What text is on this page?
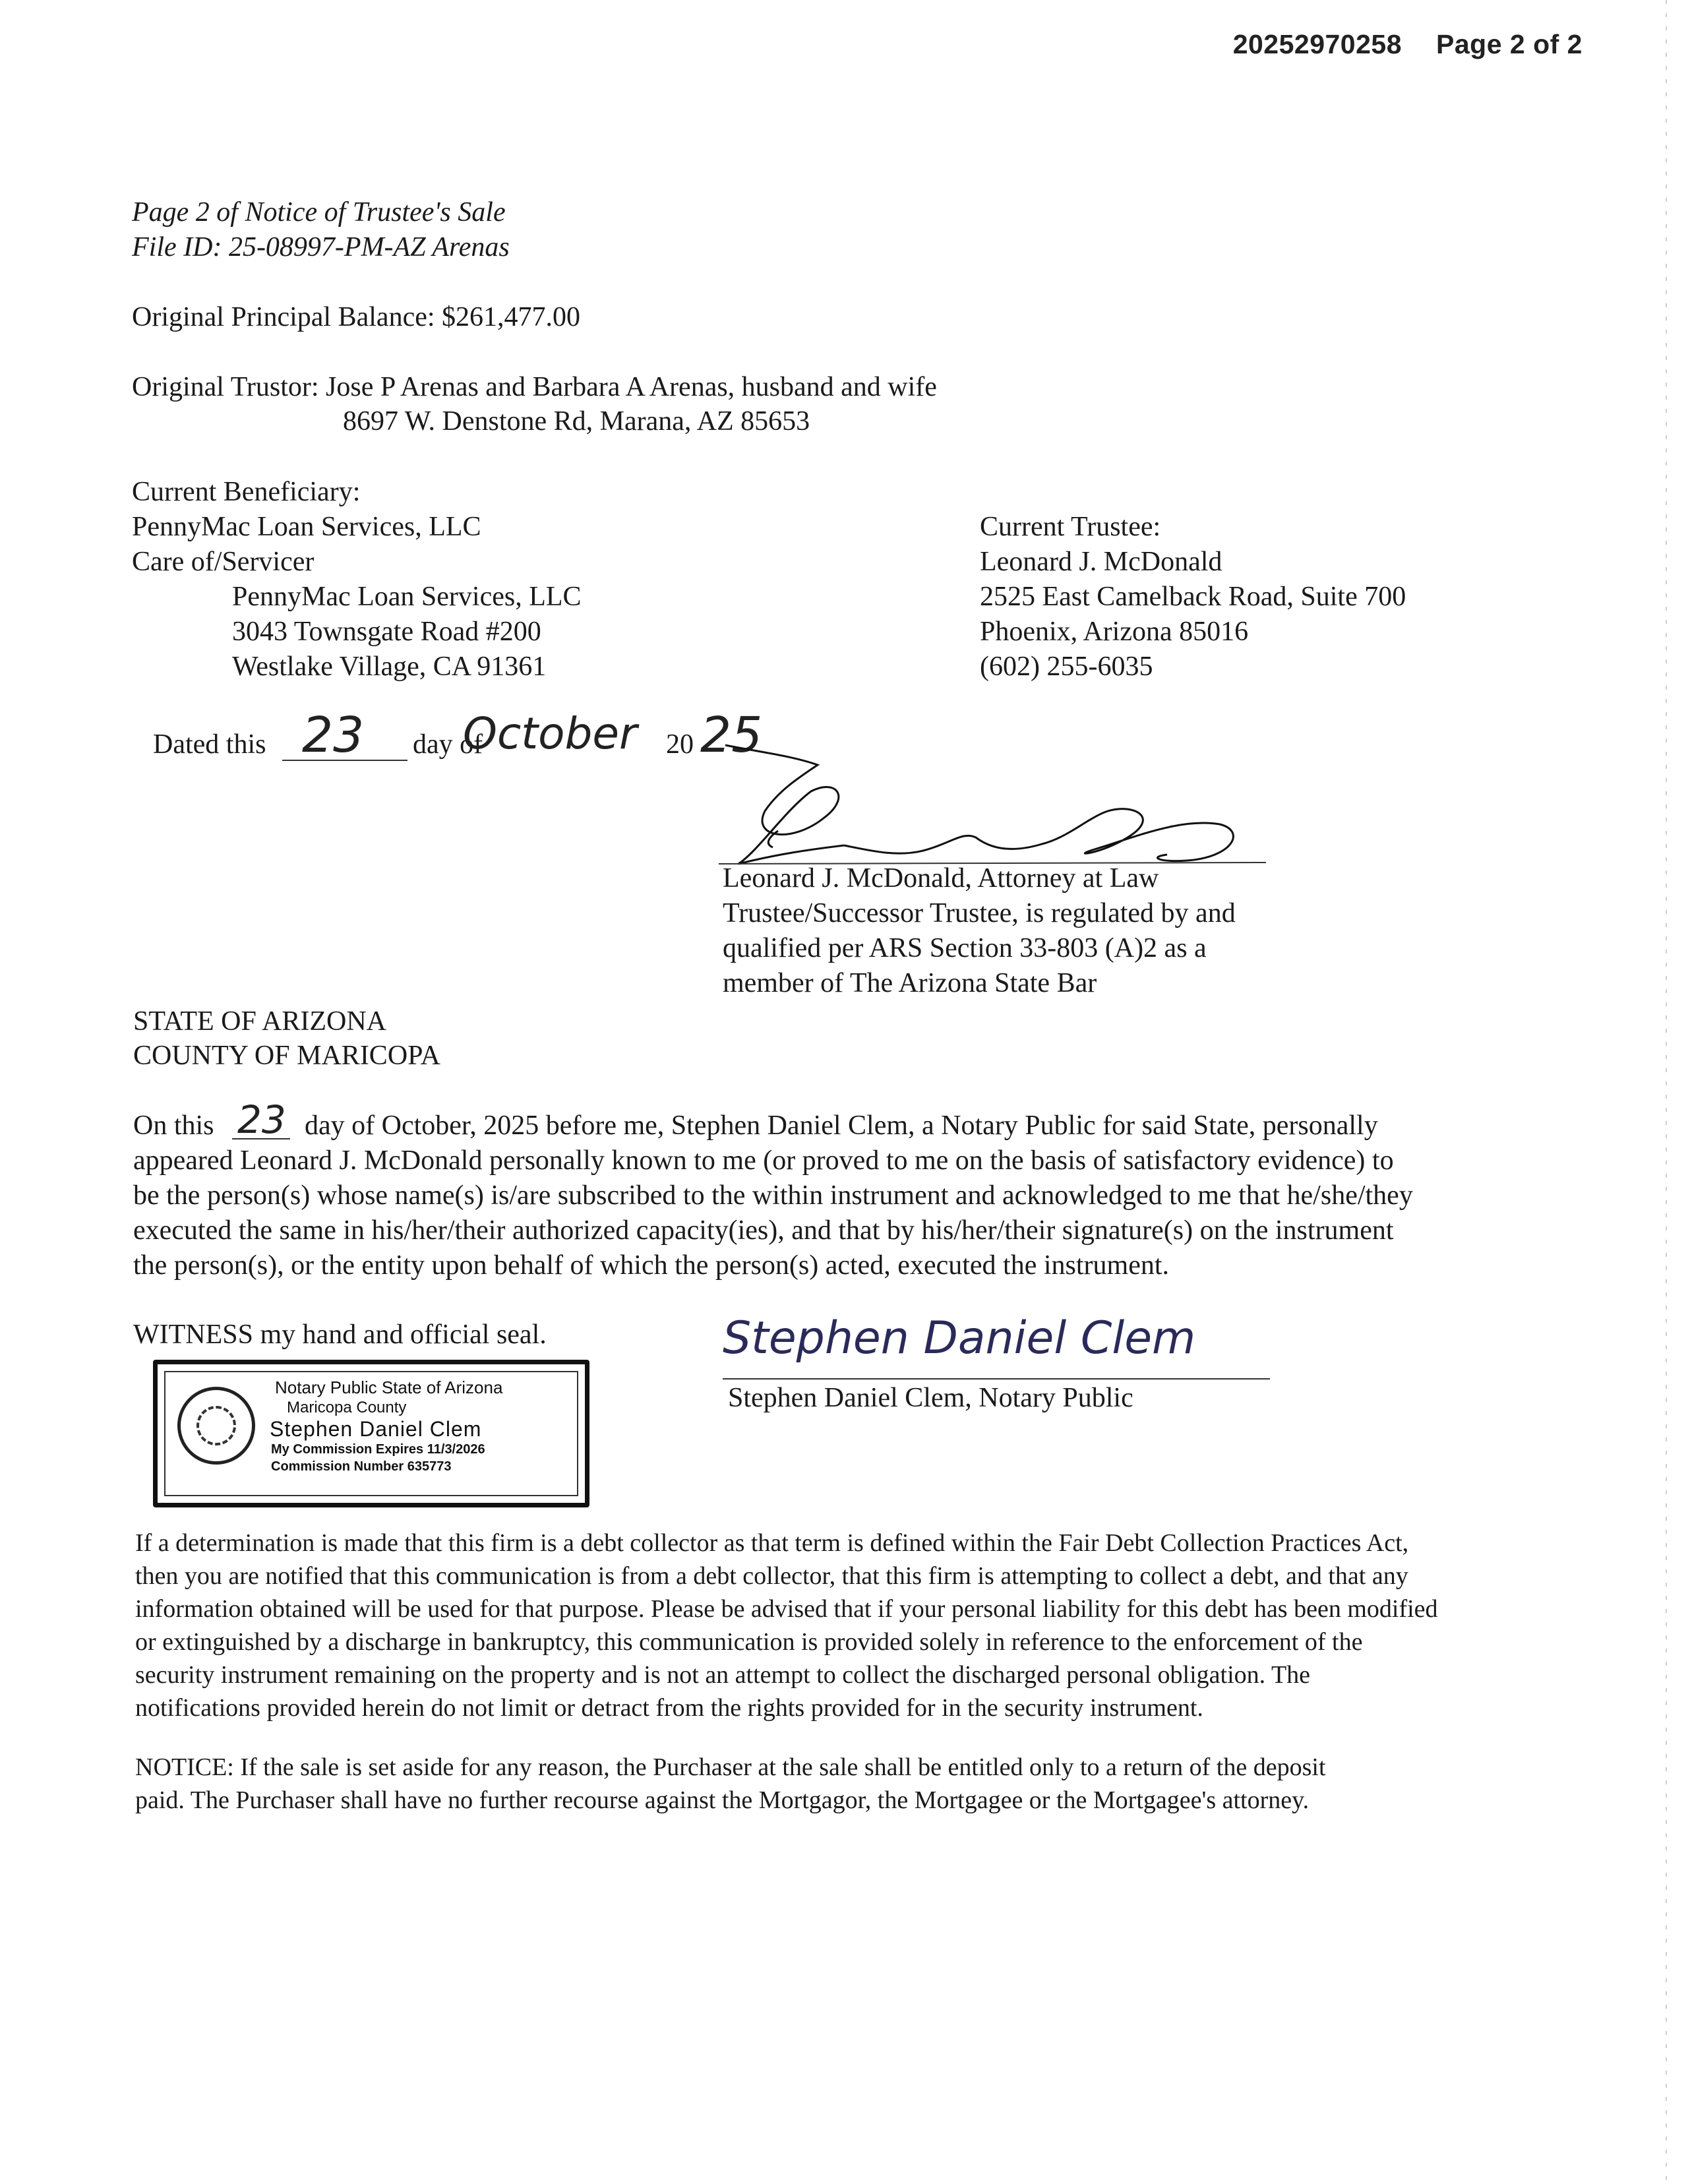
20252970258 Page 2 of 2
Page 2 of Notice of Trustee's Sale
File ID: 25-08997-PM-AZ Arenas
Original Principal Balance: $261,477.00
Original Trustor: Jose P Arenas and Barbara A Arenas, husband and wife
8697 W. Denstone Rd, Marana, AZ 85653
Current Beneficiary:
PennyMac Loan Services, LLC
Care of/Servicer
PennyMac Loan Services, LLC
3043 Townsgate Road #200
Westlake Village, CA 91361
Current Trustee:
Leonard J. McDonald
2525 East Camelback Road, Suite 700
Phoenix, Arizona 85016
(602) 255-6035
Dated this 23 day of
October 20 25
Leonard J. McDonald, Attorney at Law
Trustee/Successor Trustee, is regulated by and
qualified per ARS Section 33-803 (A)2 as a
member of The Arizona State Bar
STATE OF ARIZONA
COUNTY OF MARICOPA
On this 23 day of October, 2025 before me, Stephen Daniel Clem, a Notary Public for said State, personally
appeared Leonard J. McDonald personally known to me (or proved to me on the basis of satisfactory evidence) to
be the person(s) whose name(s) is/are subscribed to the within instrument and acknowledged to me that he/she/they
executed the same in his/her/their authorized capacity(ies), and that by his/her/their signature(s) on the instrument
the person(s), or the entity upon behalf of which the person(s) acted, executed the instrument.
WITNESS my hand and official seal.
Notary Public State of Arizona
Maricopa County
Stephen Daniel Clem
My Commission Expires 11/3/2026
Commission Number 635773
Stephen Daniel Clem
Stephen Daniel Clem, Notary Public
If a determination is made that this firm is a debt collector as that term is defined within the Fair Debt Collection Practices Act,
then you are notified that this communication is from a debt collector, that this firm is attempting to collect a debt, and that any
information obtained will be used for that purpose. Please be advised that if your personal liability for this debt has been modified
or extinguished by a discharge in bankruptcy, this communication is provided solely in reference to the enforcement of the
security instrument remaining on the property and is not an attempt to collect the discharged personal obligation. The
notifications provided herein do not limit or detract from the rights provided for in the security instrument.
NOTICE: If the sale is set aside for any reason, the Purchaser at the sale shall be entitled only to a return of the deposit
paid. The Purchaser shall have no further recourse against the Mortgagor, the Mortgagee or the Mortgagee's attorney.
